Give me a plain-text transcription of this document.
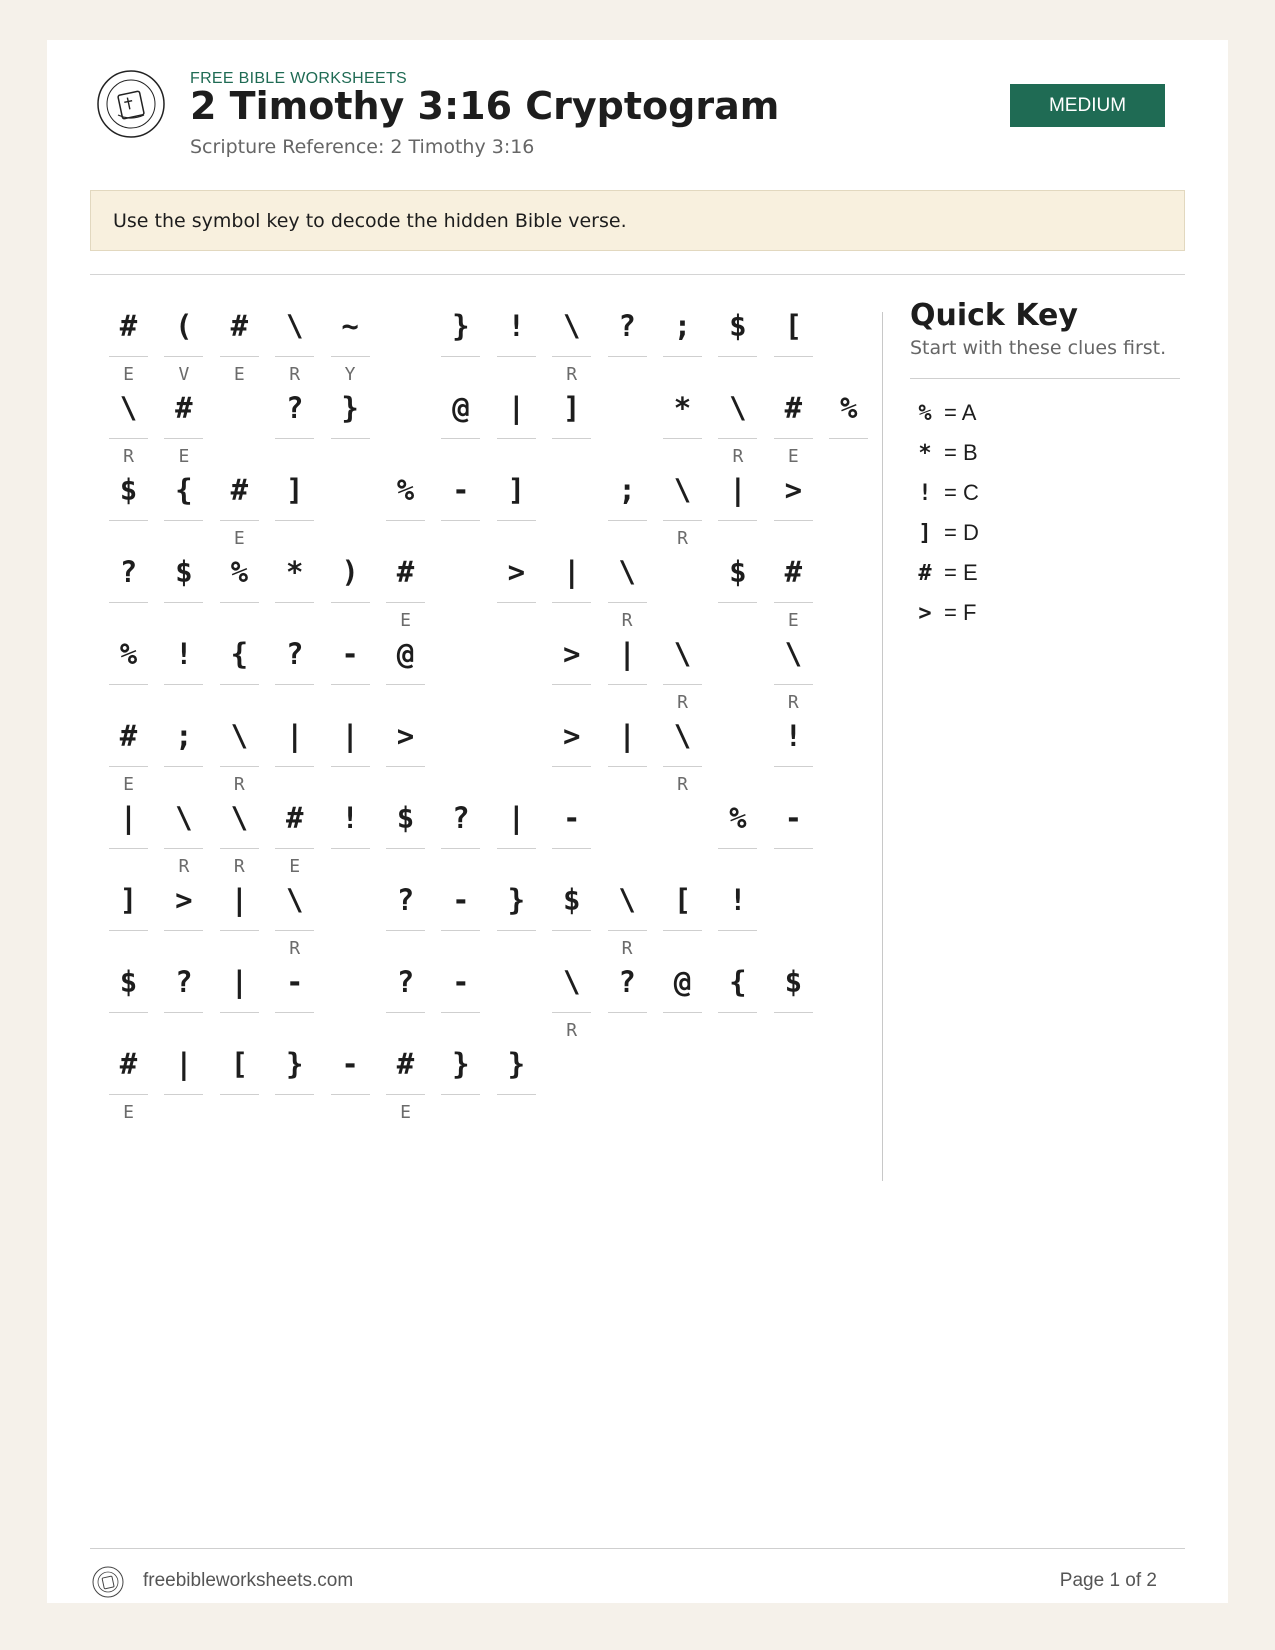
FREE BIBLE WORKSHEETS
2 Timothy 3:16 Cryptogram
Scripture Reference: 2 Timothy 3:16
MEDIUM
Use the symbol key to decode the hidden Bible verse.
#
E
(
V
#
E
\
R
~
Y
}	!	\
R
?	;	$	[
\
R
#
E
?	}	@	|	]	*	\
R
#
E
%
$	{	#
E
]	%	-	]	;	\
R
|	>
?	$	%	*	)	#
E
>	|	\
R
$	#
E
%	!	{	?	-	@	>	|	\
R
\
R
#
E
;	\
R
|	|	>	>	|	\
R
!
|	\
R
\
R
#
E
!	$	?	|	-	%	-
]	>	|	\
R
?	-	}	$	\
R
[	!
$	?	|	-	?	-	\
R
?	@	{	$
#
E
|	[	}	-	#
E
}	}
Quick Key
Start with these clues first.
% = A
* = B
! = C
] = D
# = E
> = F
freebibleworksheets.com	Page 1 of 2
